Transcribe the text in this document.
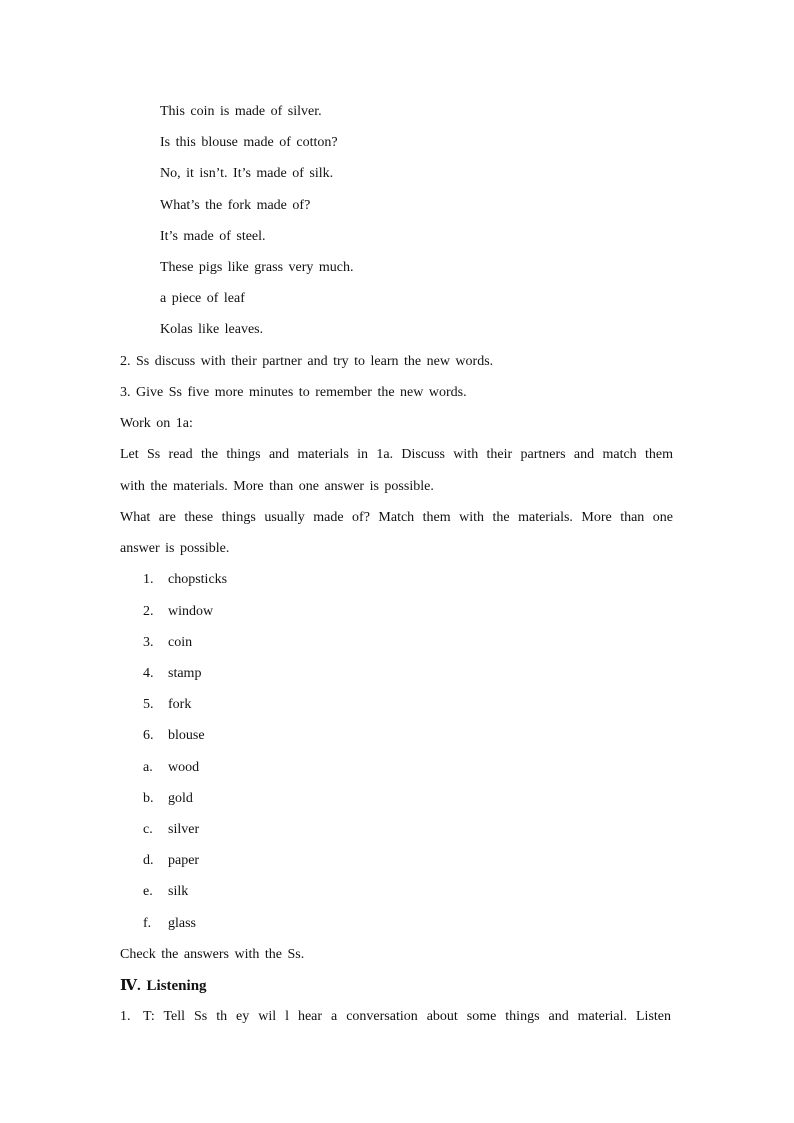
This coin is made of silver.
Is this blouse made of cotton?
No, it isn’t. It’s made of silk.
What’s the fork made of?
It’s made of steel.
These pigs like grass very much.
a piece of leaf
Kolas like leaves.
2. Ss discuss with their partner and try to learn the new words.
3. Give Ss five more minutes to remember the new words.
Work on 1a:
Let Ss read the things and materials in 1a. Discuss with their partners and match them
with the materials. More than one answer is possible.
What are these things usually made of? Match them with the materials. More than one
answer is possible.
1. chopsticks
2. window
3. coin
4. stamp
5. fork
6. blouse
a. wood
b. gold
c. silver
d. paper
e. silk
f. glass
Check the answers with the Ss.
Ⅳ. Listening
1. T: Tell Ss th ey wil l hear a conversation about some things and material. Listen
